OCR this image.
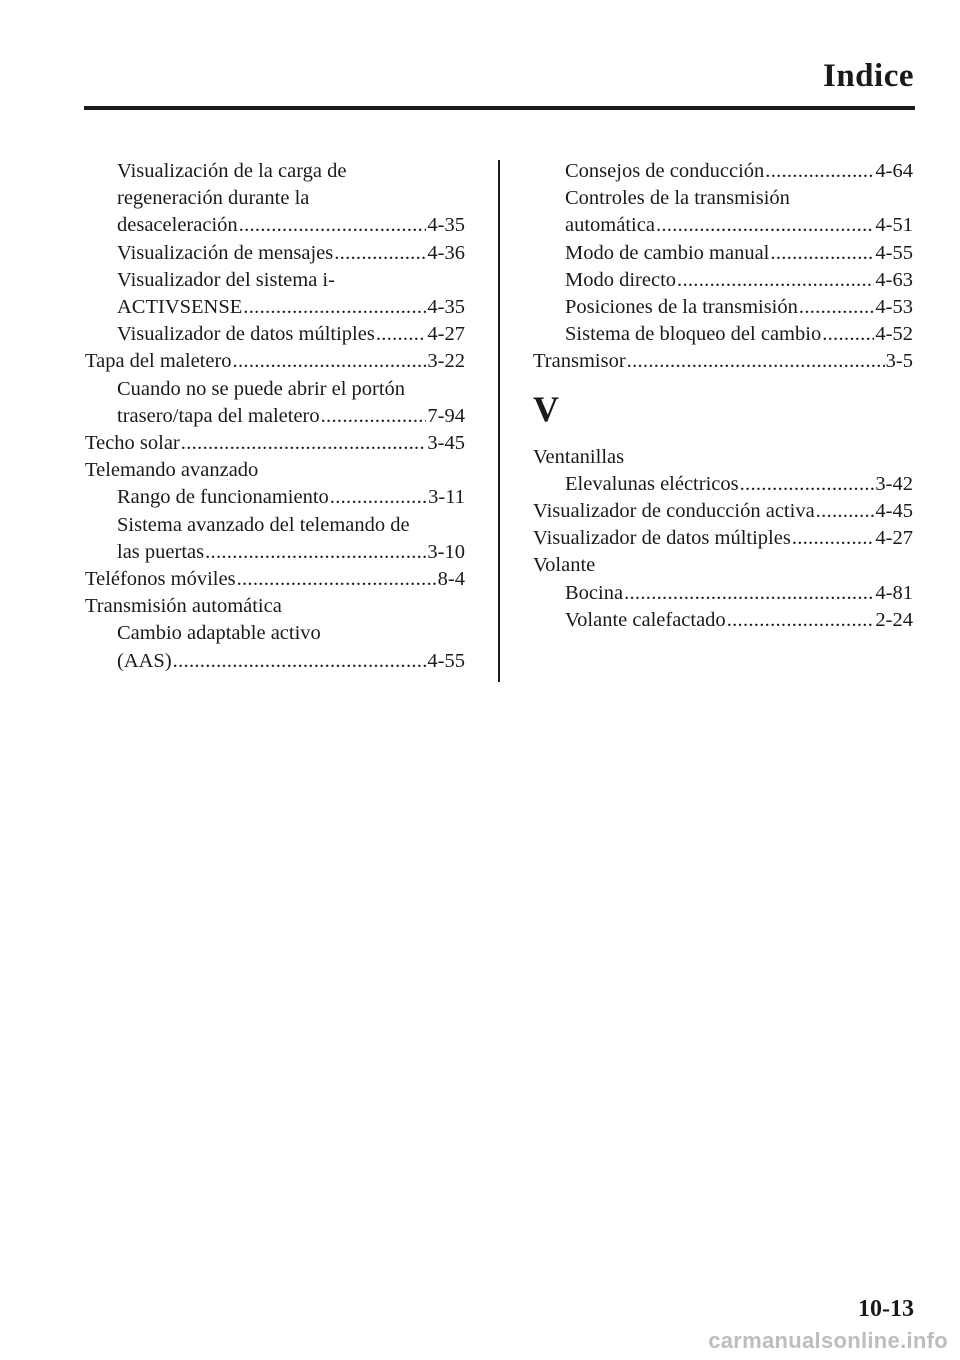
Indice
Visualización de la carga de
regeneración durante la
desaceleración .....	4-35
Visualización de mensajes .....	4-36
Visualizador del sistema i-
ACTIVSENSE .....	4-35
Visualizador de datos múltiples .....	4-27
Tapa del maletero .....	3-22
Cuando no se puede abrir el portón
trasero/tapa del maletero .....	7-94
Techo solar .....	3-45
Telemando avanzado
Rango de funcionamiento .....	3-11
Sistema avanzado del telemando de
las puertas .....	3-10
Teléfonos móviles .....	8-4
Transmisión automática
Cambio adaptable activo
(AAS) .....	4-55
Consejos de conducción .....	4-64
Controles de la transmisión
automática .....	4-51
Modo de cambio manual .....	4-55
Modo directo .....	4-63
Posiciones de la transmisión .....	4-53
Sistema de bloqueo del cambio .....	4-52
Transmisor .....	3-5
V
Ventanillas
Elevalunas eléctricos .....	3-42
Visualizador de conducción activa .....	4-45
Visualizador de datos múltiples .....	4-27
Volante
Bocina .....	4-81
Volante calefactado .....	2-24
10-13
carmanualsonline.info
